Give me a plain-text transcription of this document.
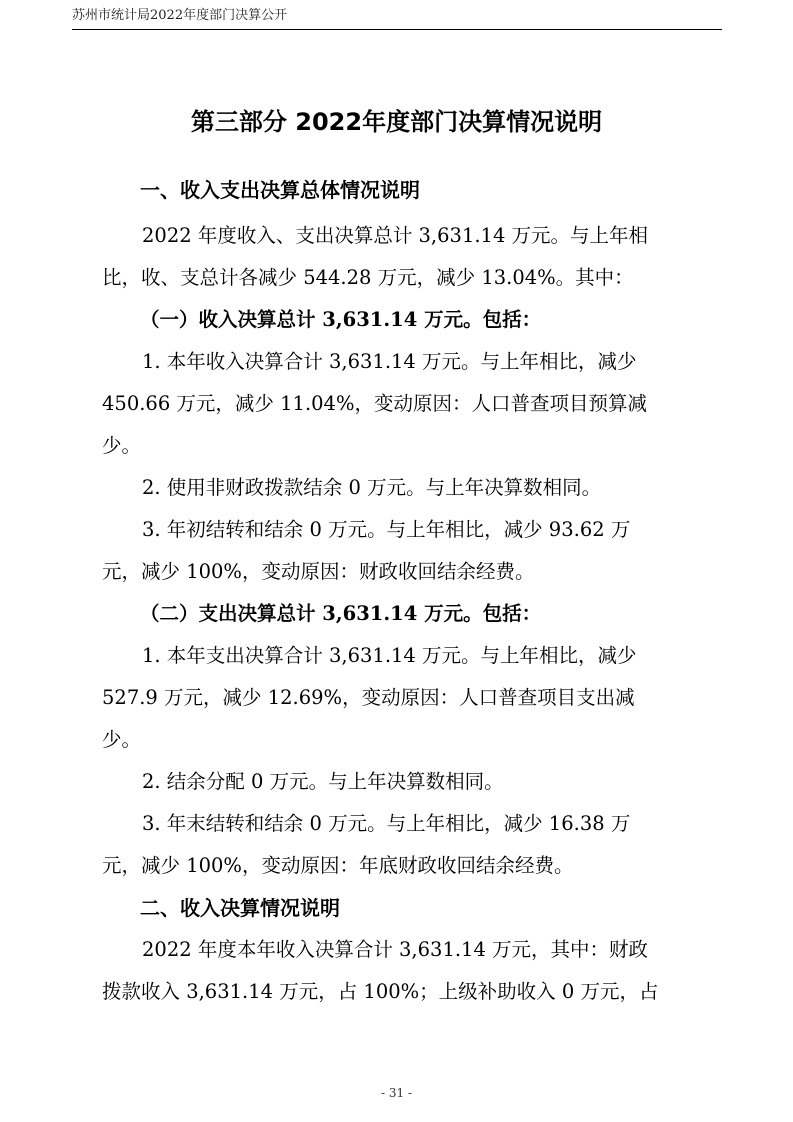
苏州市统计局2022年度部门决算公开
第三部分 2022年度部门决算情况说明
一、收入支出决算总体情况说明
2022 年度收入、支出决算总计 3,631.14 万元。与上年相
比，收、支总计各减少 544.28 万元，减少 13.04%。其中：
（一）收入决算总计 3,631.14 万元。包括：
1. 本年收入决算合计 3,631.14 万元。与上年相比，减少
450.66 万元，减少 11.04%，变动原因：人口普查项目预算减
少。
2. 使用非财政拨款结余 0 万元。与上年决算数相同。
3. 年初结转和结余 0 万元。与上年相比，减少 93.62 万
元，减少 100%，变动原因：财政收回结余经费。
（二）支出决算总计 3,631.14 万元。包括：
1. 本年支出决算合计 3,631.14 万元。与上年相比，减少
527.9 万元，减少 12.69%，变动原因：人口普查项目支出减
少。
2. 结余分配 0 万元。与上年决算数相同。
3. 年末结转和结余 0 万元。与上年相比，减少 16.38 万
元，减少 100%，变动原因：年底财政收回结余经费。
二、收入决算情况说明
2022 年度本年收入决算合计 3,631.14 万元，其中：财政
拨款收入 3,631.14 万元，占 100%；上级补助收入 0 万元，占
- 31 -
